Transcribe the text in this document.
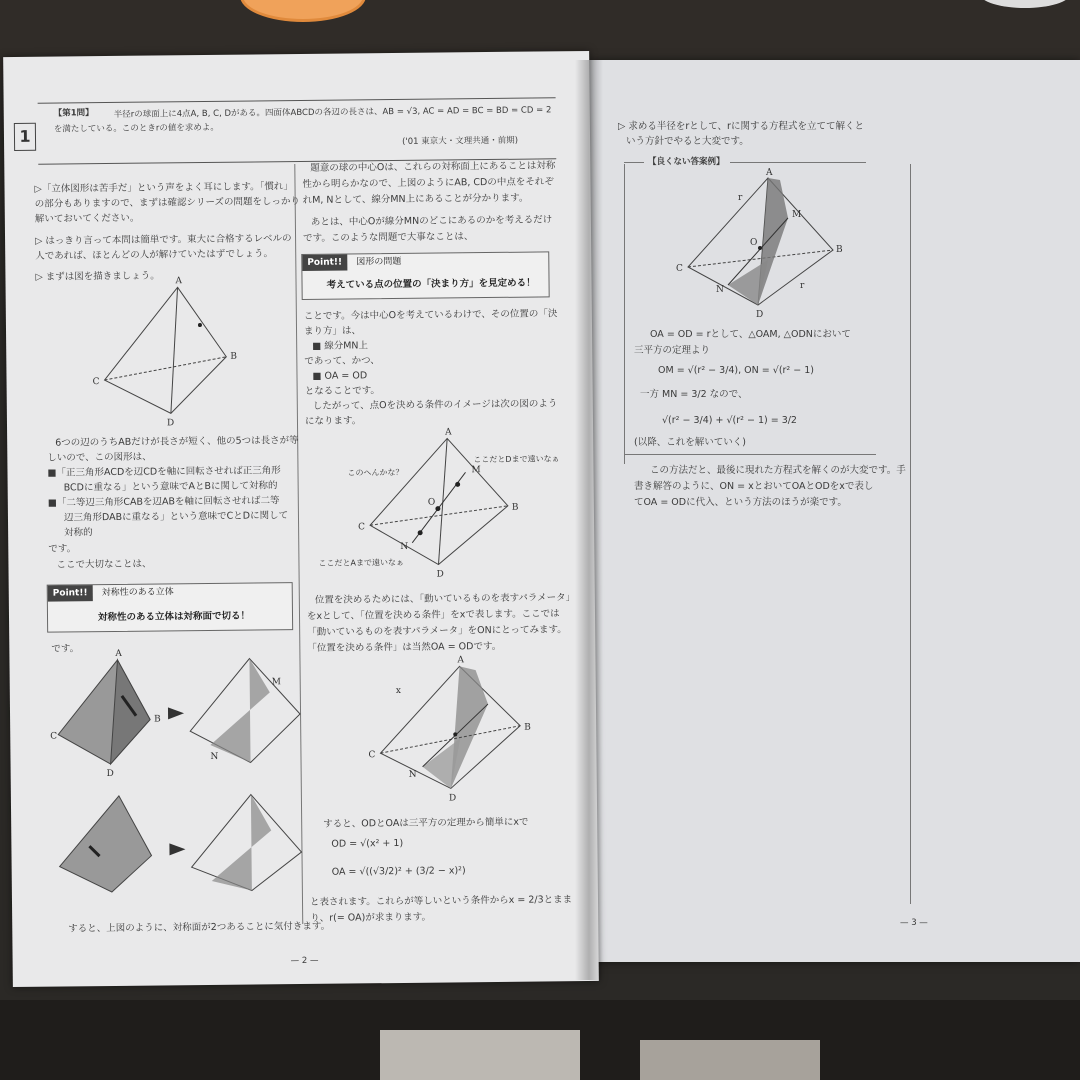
▷ 求める半径をrとして、rに関する方程式を立てて解くと
いう方針でやると大変です。
【良くない答案例】
A
B
C
D
M
N
O
r
r
OA = OD = rとして、△OAM, △ODNにおいて
三平方の定理より
OM = √(r² − 3/4), ON = √(r² − 1)
一方 MN = 3/2 なので、
√(r² − 3/4) + √(r² − 1) = 3/2
(以降、これを解いていく)
この方法だと、最後に現れた方程式を解くのが大変です。手
書き解答のように、ON = xとおいてOAとODをxで表し
てOA = ODに代入、という方法のほうが楽です。
— 3 —
1
【第1問】 半径rの球面上に4点A, B, C, Dがある。四面体ABCDの各辺の長さは、AB = √3, AC = AD = BC = BD = CD = 2
を満たしている。このときrの値を求めよ。
('01 東京大・文理共通・前期)
▷「立体図形は苦手だ」という声をよく耳にします。「慣れ」
の部分もありますので、まずは確認シリーズの問題をしっかり
解いておいてください。
▷ はっきり言って本問は簡単です。東大に合格するレベルの
人であれば、ほとんどの人が解けていたはずでしょう。
▷ まずは図を描きましょう。 A
B
C
D
6つの辺のうちABだけが長さが短く、他の5つは長さが等
しいので、この図形は、
■「正三角形ACDを辺CDを軸に回転させれば正三角形
BCDに重なる」という意味でAとBに関して対称的
■「二等辺三角形CABを辺ABを軸に回転させれば二等
辺三角形DABに重なる」という意味でCとDに関して
対称的
です。
ここで大切なことは、
Point!!	対称性のある立体
対称性のある立体は対称面で切る！
です。	A
C
B
D
M
N
すると、上図のように、対称面が2つあることに気付きます。
題意の球の中心Oは、これらの対称面上にあることは対称
性から明らかなので、上図のようにAB, CDの中点をそれぞ
れM, Nとして、線分MN上にあることが分かります。
あとは、中心Oが線分MNのどこにあるのかを考えるだけ
です。このような問題で大事なことは、
Point!!	図形の問題
考えている点の位置の「決まり方」を見定める！
ことです。今は中心Oを考えているわけで、その位置の「決
まり方」は、
■ 線分MN上
であって、かつ、
■ OA = OD
となることです。
したがって、点Oを決める条件のイメージは次の図のよう
になります。
A
B
C
D
M
N
O
このへんかな？
ここだとDまで遠いなぁ
ここだとAまで遠いなぁ
位置を決めるためには、「動いているものを表すパラメータ」
をxとして、「位置を決める条件」をxで表します。ここでは
「動いているものを表すパラメータ」をONにとってみます。
「位置を決める条件」は当然OA = ODです。
A
B
C
D
N
x
すると、ODとOAは三平方の定理から簡単にxで
OD = √(x² + 1)
OA = √((√3/2)² + (3/2 − x)²)
と表されます。これらが等しいという条件からx = 2/3とまま
り、r(= OA)が求まります。
— 2 —
